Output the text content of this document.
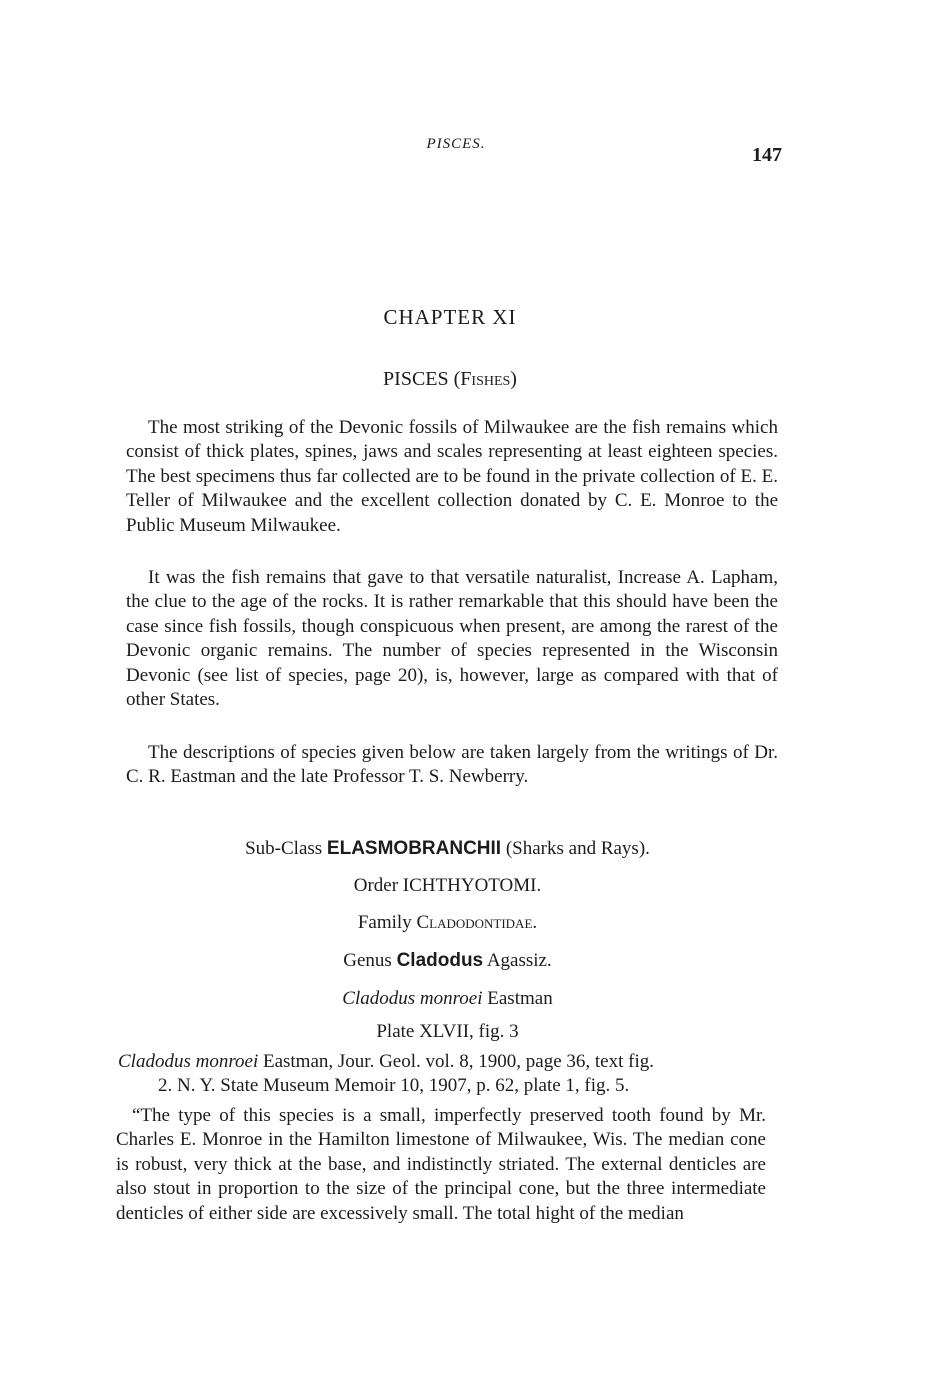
PISCES.	147
CHAPTER XI
PISCES (Fishes)

The most striking of the Devonic fossils of Milwaukee are the fish remains which consist of thick plates, spines, jaws and scales representing at least eighteen species. The best specimens thus far collected are to be found in the private collection of E. E. Teller of Milwaukee and the excellent collection donated by C. E. Monroe to the Public Museum Milwaukee.

It was the fish remains that gave to that versatile naturalist, Increase A. Lapham, the clue to the age of the rocks. It is rather remarkable that this should have been the case since fish fossils, though conspicuous when present, are among the rarest of the Devonic organic remains. The number of species represented in the Wisconsin Devonic (see list of species, page 20), is, however, large as compared with that of other States.

The descriptions of species given below are taken largely from the writings of Dr. C. R. Eastman and the late Professor T. S. Newberry.

Sub-Class ELASMOBRANCHII (Sharks and Rays).
Order ICHTHYOTOMI.
Family Cladodontidae.
Genus Cladodus Agassiz.
Cladodus monroei Eastman
Plate XLVII, fig. 3
Cladodus monroei Eastman, Jour. Geol. vol. 8, 1900, page 36, text fig.
2. N. Y. State Museum Memoir 10, 1907, p. 62, plate 1, fig. 5.

“The type of this species is a small, imperfectly preserved tooth found by Mr. Charles E. Monroe in the Hamilton limestone of Milwaukee, Wis. The median cone is robust, very thick at the base, and indistinctly striated. The external denticles are also stout in proportion to the size of the principal cone, but the three intermediate denticles of either side are excessively small. The total hight of the median
